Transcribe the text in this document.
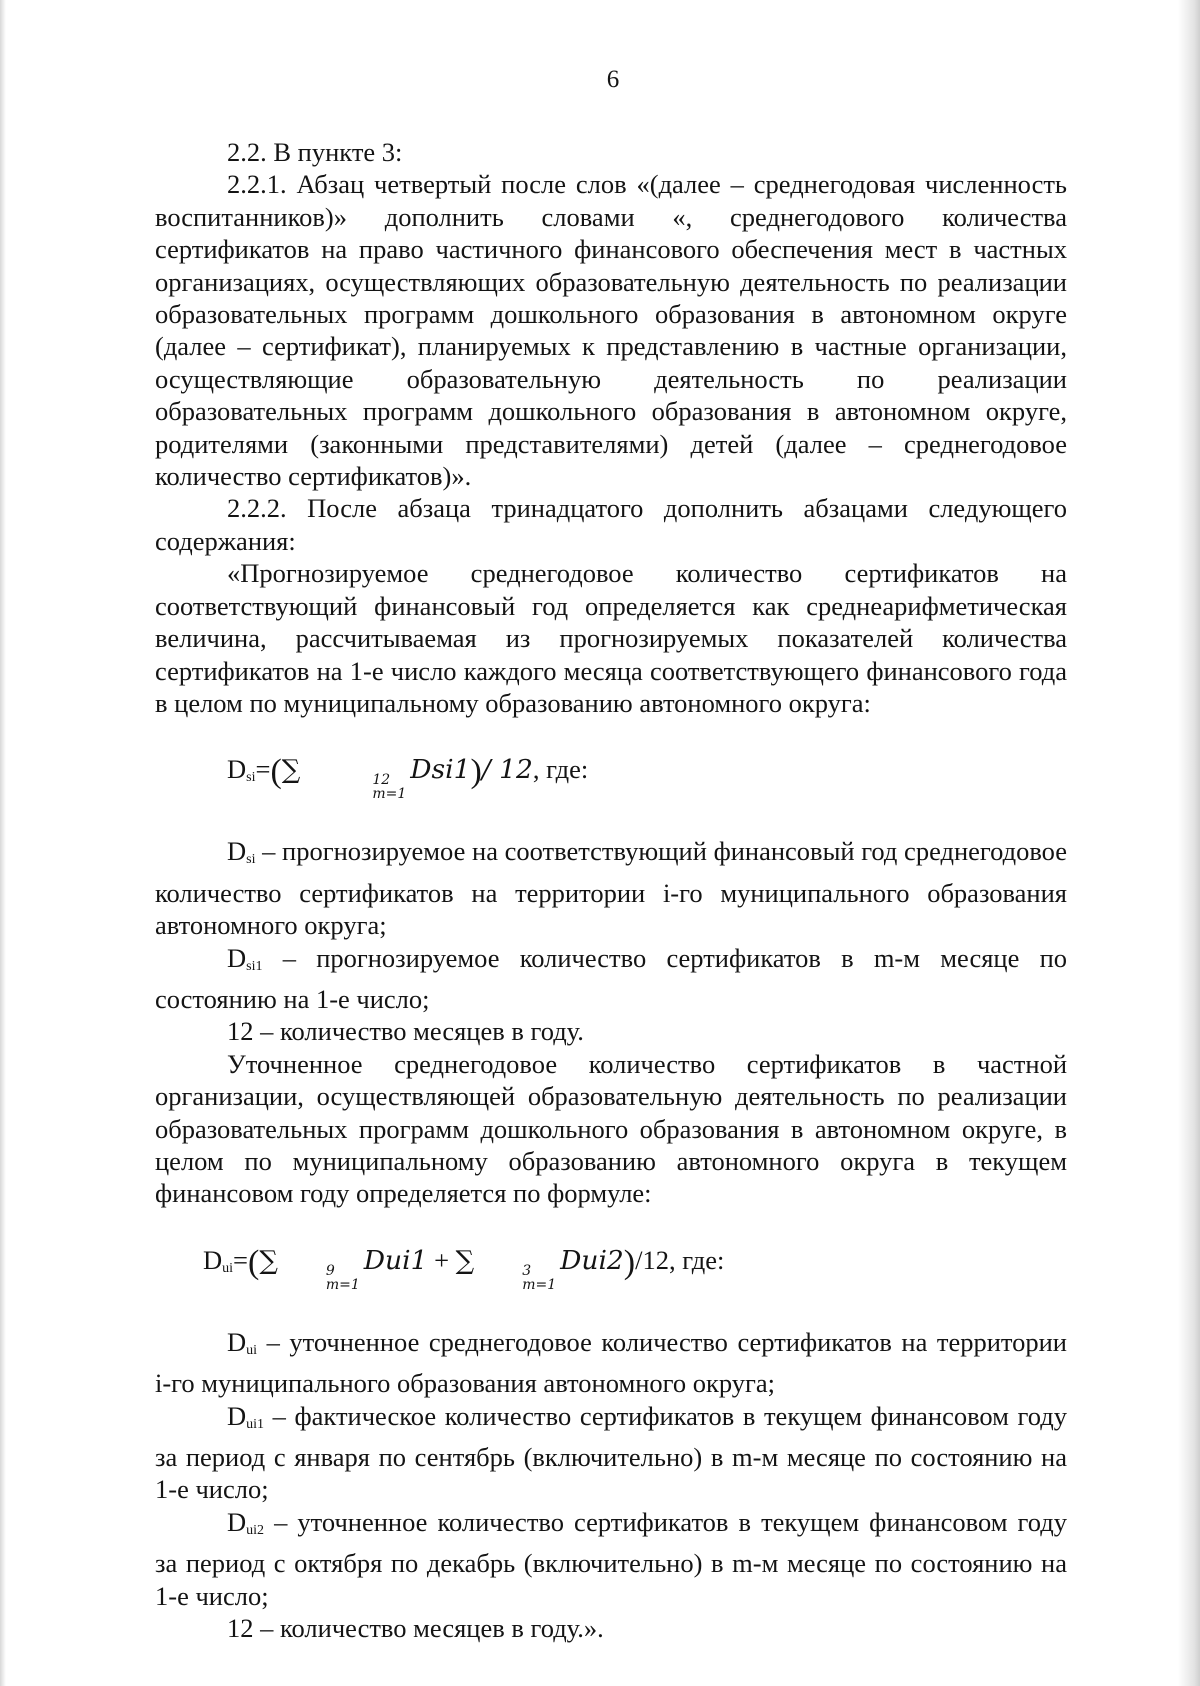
6

2.2. В пункте 3:

2.2.1. Абзац четвертый после слов «(далее – среднегодовая численность воспитанников)» дополнить словами «, среднегодового количества сертификатов на право частичного финансового обеспечения мест в частных организациях, осуществляющих образовательную деятельность по реализации образовательных программ дошкольного образования в автономном округе (далее – сертификат), планируемых к представлению в частные организации, осуществляющие образовательную деятельность по реализации образовательных программ дошкольного образования в автономном округе, родителями (законными представителями) детей (далее – среднегодовое количество сертификатов)».

2.2.2. После абзаца тринадцатого дополнить абзацами следующего содержания:

«Прогнозируемое среднегодовое количество сертификатов на соответствующий финансовый год определяется как среднеарифметическая величина, рассчитываемая из прогнозируемых показателей количества сертификатов на 1-е число каждого месяца соответствующего финансового года в целом по муниципальному образованию автономного округа:

$D_{si}=(\sum$	12
m=1
Dsi1)/ 12, где:

$D_{si}$ – прогнозируемое на соответствующий финансовый год среднегодовое количество сертификатов на территории i-го муниципального образования автономного округа;

$D_{si1}$ – прогнозируемое количество сертификатов в m-м месяце по состоянию на 1-е число;

12 – количество месяцев в году.

Уточненное среднегодовое количество сертификатов в частной организации, осуществляющей образовательную деятельность по реализации образовательных программ дошкольного образования в автономном округе, в целом по муниципальному образованию автономного округа в текущем финансовом году определяется по формуле:

$D_{ui}=(\sum$	9
m=1
Dui1 + ∑	3
m=1
Dui2)/12, где:

$D_{ui}$ – уточненное среднегодовое количество сертификатов на территории i-го муниципального образования автономного округа;

$D_{ui1}$ – фактическое количество сертификатов в текущем финансовом году за период с января по сентябрь (включительно) в m-м месяце по состоянию на 1-е число;

$D_{ui2}$ – уточненное количество сертификатов в текущем финансовом году за период с октября по декабрь (включительно) в m-м месяце по состоянию на 1-е число;

12 – количество месяцев в году.».
